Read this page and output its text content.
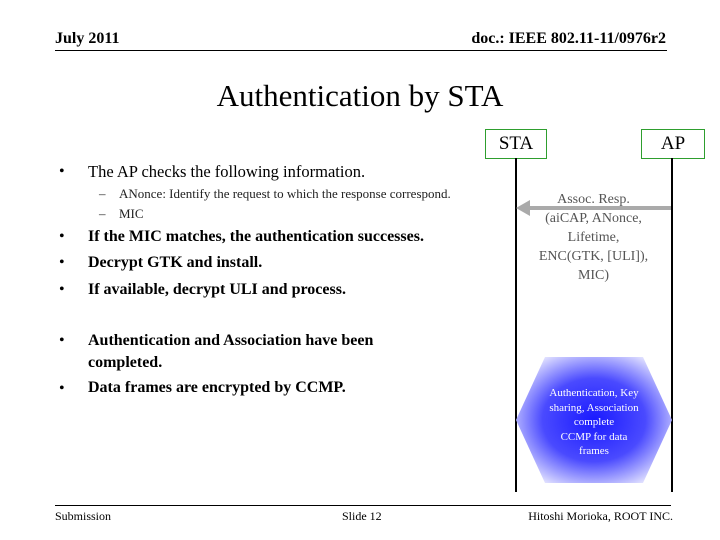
July 2011	doc.: IEEE 802.11-11/0976r2
Authentication by STA
STA	AP
Assoc. Resp.
(aiCAP, ANonce,
Lifetime,
ENC(GTK, [ULI]),
MIC)
Authentication, Key
sharing, Association
complete
CCMP for data
frames
• The AP checks the following information.
– ANonce: Identify the request to which the response correspond.
– MIC
• If the MIC matches, the authentication successes.
• Decrypt GTK and install.
• If available, decrypt ULI and process.
• Authentication and Association have been
completed.
• Data frames are encrypted by CCMP.
Submission	Slide 12	Hitoshi Morioka, ROOT INC.
